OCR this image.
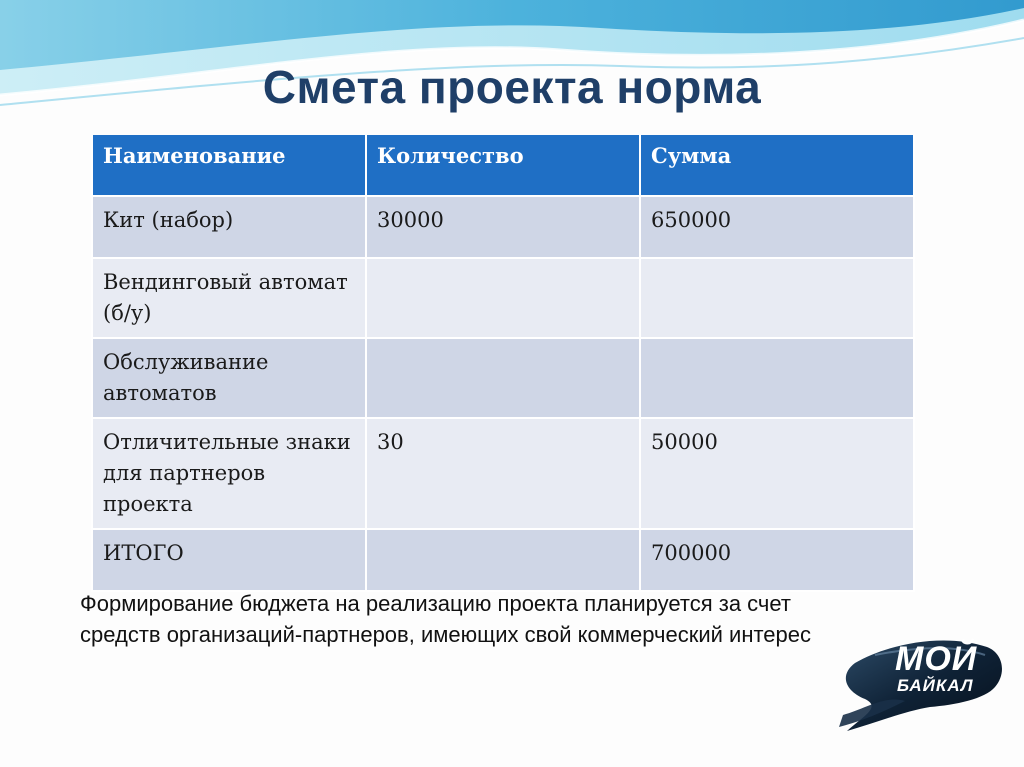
Смета проекта норма
Наименование	Количество	Сумма
Кит (набор)	30000	650000
Вендинговый автомат (б/у)		
Обслуживание автоматов		
Отличительные знаки для партнеров проекта	30	50000
ИТОГО		700000
Формирование бюджета на реализацию проекта планируется за счет
средств организаций-партнеров, имеющих свой коммерческий интерес
МОЙ
БАЙКАЛ
